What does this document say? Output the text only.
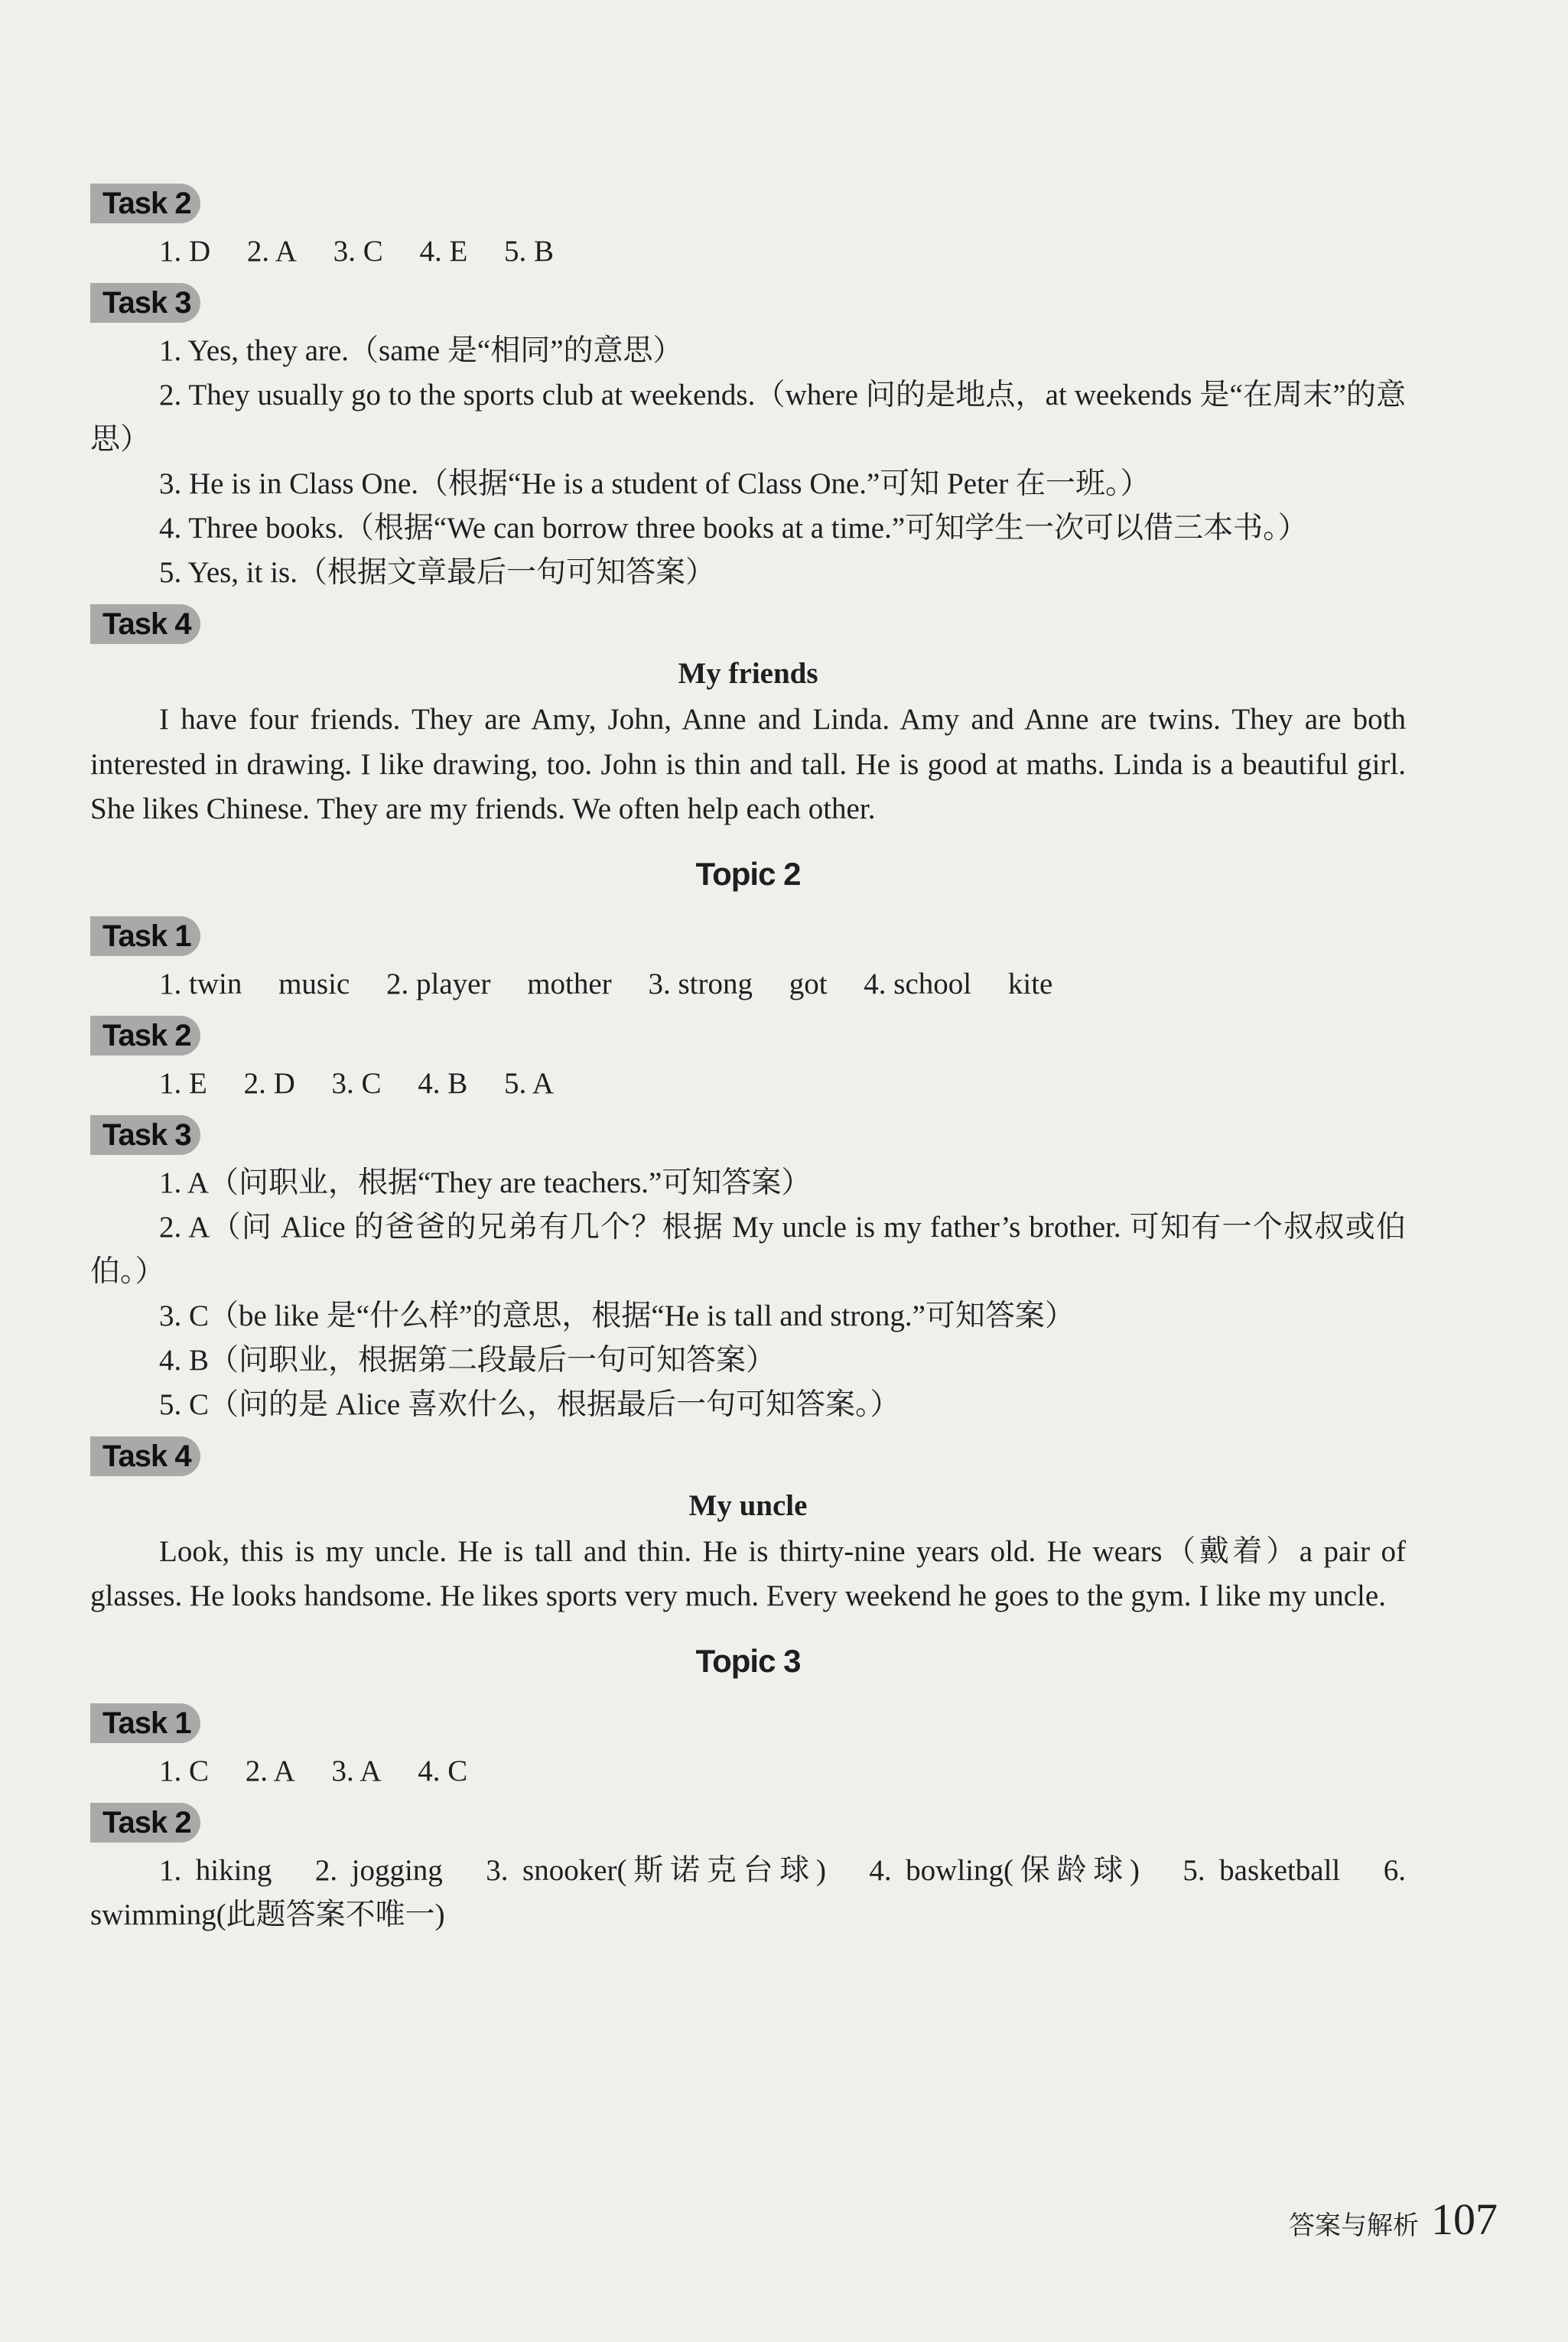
Task 2
1. D 2. A 3. C 4. E 5. B
Task 3
1. Yes, they are.（same 是“相同”的意思）
2. They usually go to the sports club at weekends.（where 问的是地点，at weekends 是“在周末”的意思）
3. He is in Class One.（根据“He is a student of Class One.”可知 Peter 在一班。）
4. Three books.（根据“We can borrow three books at a time.”可知学生一次可以借三本书。）
5. Yes, it is.（根据文章最后一句可知答案）
Task 4
My friends
I have four friends. They are Amy, John, Anne and Linda. Amy and Anne are twins. They are both interested in drawing. I like drawing, too. John is thin and tall. He is good at maths. Linda is a beautiful girl. She likes Chinese. They are my friends. We often help each other.
Topic 2
Task 1
1. twin music 2. player mother 3. strong got 4. school kite
Task 2
1. E 2. D 3. C 4. B 5. A
Task 3
1. A（问职业，根据“They are teachers.”可知答案）
2. A（问 Alice 的爸爸的兄弟有几个？根据 My uncle is my father’s brother. 可知有一个叔叔或伯伯。）
3. C（be like 是“什么样”的意思，根据“He is tall and strong.”可知答案）
4. B（问职业，根据第二段最后一句可知答案）
5. C（问的是 Alice 喜欢什么，根据最后一句可知答案。）
Task 4
My uncle
Look, this is my uncle. He is tall and thin. He is thirty-nine years old. He wears（戴着）a pair of glasses. He looks handsome. He likes sports very much. Every weekend he goes to the gym. I like my uncle.
Topic 3
Task 1
1. C 2. A 3. A 4. C
Task 2
1. hiking　2. jogging　3. snooker(斯诺克台球)　4. bowling(保龄球)　5. basketball　6. swimming(此题答案不唯一)
答案与解析 107
